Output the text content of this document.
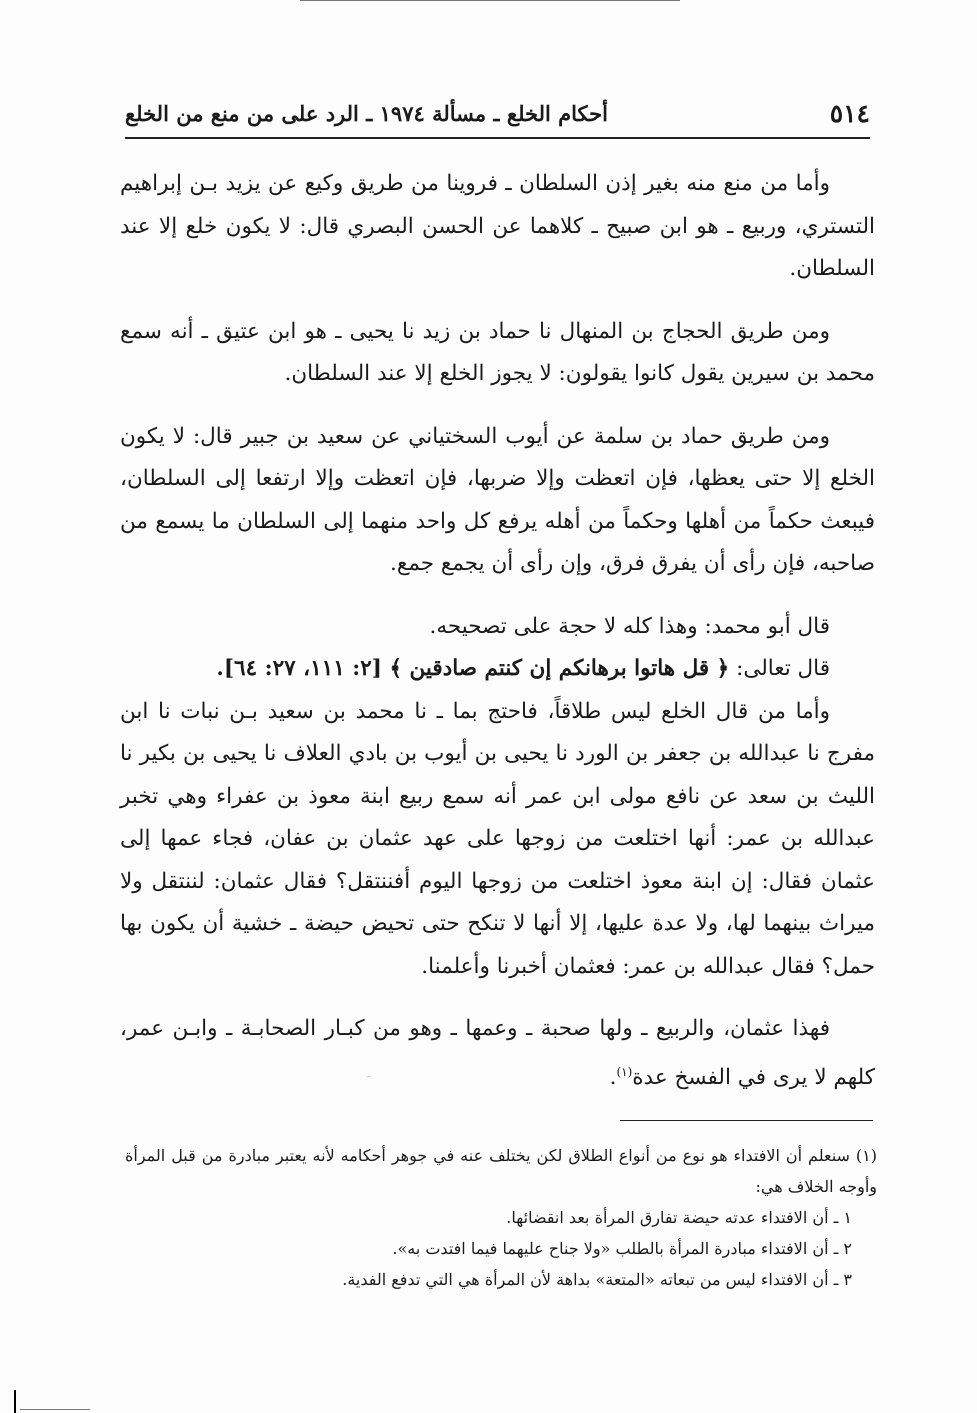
٥١٤
أحكام الخلع ـ مسألة ١٩٧٤ ـ الرد على من منع من الخلع

وأما من منع منه بغير إذن السلطان ـ فروينا من طريق وكيع عن يزيد بـن إبراهيم التستري، وربيع ـ هو ابن صبيح ـ كلاهما عن الحسن البصري قال: لا يكون خلع إلا عند السلطان.

ومن طريق الحجاج بن المنهال نا حماد بن زيد نا يحيى ـ هو ابن عتيق ـ أنه سمع محمد بن سيرين يقول كانوا يقولون: لا يجوز الخلع إلا عند السلطان.

ومن طريق حماد بن سلمة عن أيوب السختياني عن سعيد بن جبير قال: لا يكون الخلع إلا حتى يعظها، فإن اتعظت وإلا ضربها، فإن اتعظت وإلا ارتفعا إلى السلطان، فيبعث حكماً من أهلها وحكماً من أهله يرفع كل واحد منهما إلى السلطان ما يسمع من صاحبه، فإن رأى أن يفرق فرق، وإن رأى أن يجمع جمع.

قال أبو محمد: وهذا كله لا حجة على تصحيحه.

قال تعالى: ﴿ قل هاتوا برهانكم إن كنتم صادقين ﴾ [٢: ١١١، ٢٧: ٦٤].

وأما من قال الخلع ليس طلاقاً، فاحتج بما ـ نا محمد بن سعيد بـن نبات نا ابن مفرج نا عبدالله بن جعفر بن الورد نا يحيى بن أيوب بن بادي العلاف نا يحيى بن بكير نا الليث بن سعد عن نافع مولى ابن عمر أنه سمع ربيع ابنة معوذ بن عفراء وهي تخبر عبدالله بن عمر: أنها اختلعت من زوجها على عهد عثمان بن عفان، فجاء عمها إلى عثمان فقال: إن ابنة معوذ اختلعت من زوجها اليوم أفننتقل؟ فقال عثمان: لننتقل ولا ميراث بينهما لها، ولا عدة عليها، إلا أنها لا تنكح حتى تحيض حيضة ـ خشية أن يكون بها حمل؟ فقال عبدالله بن عمر: فعثمان أخبرنا وأعلمنا.

فهذا عثمان، والربيع ـ ولها صحبة ـ وعمها ـ وهو من كبـار الصحابـة ـ وابـن عمر، كلهم لا يرى في الفسخ عدة$^{(١)}$.

⁻

(١) سنعلم أن الافتداء هو نوع من أنواع الطلاق لكن يختلف عنه في جوهر أحكامه لأنه يعتبر مبادرة من قبل المرأة وأوجه الخلاف هي:

١ ـ أن الافتداء عدته حيضة تفارق المرأة بعد انقضائها.

٢ ـ أن الافتداء مبادرة المرأة بالطلب «ولا جناح عليهما فيما افتدت به».

٣ ـ أن الافتداء ليس من تبعاته «المتعة» بداهة لأن المرأة هي التي تدفع الفدية.
